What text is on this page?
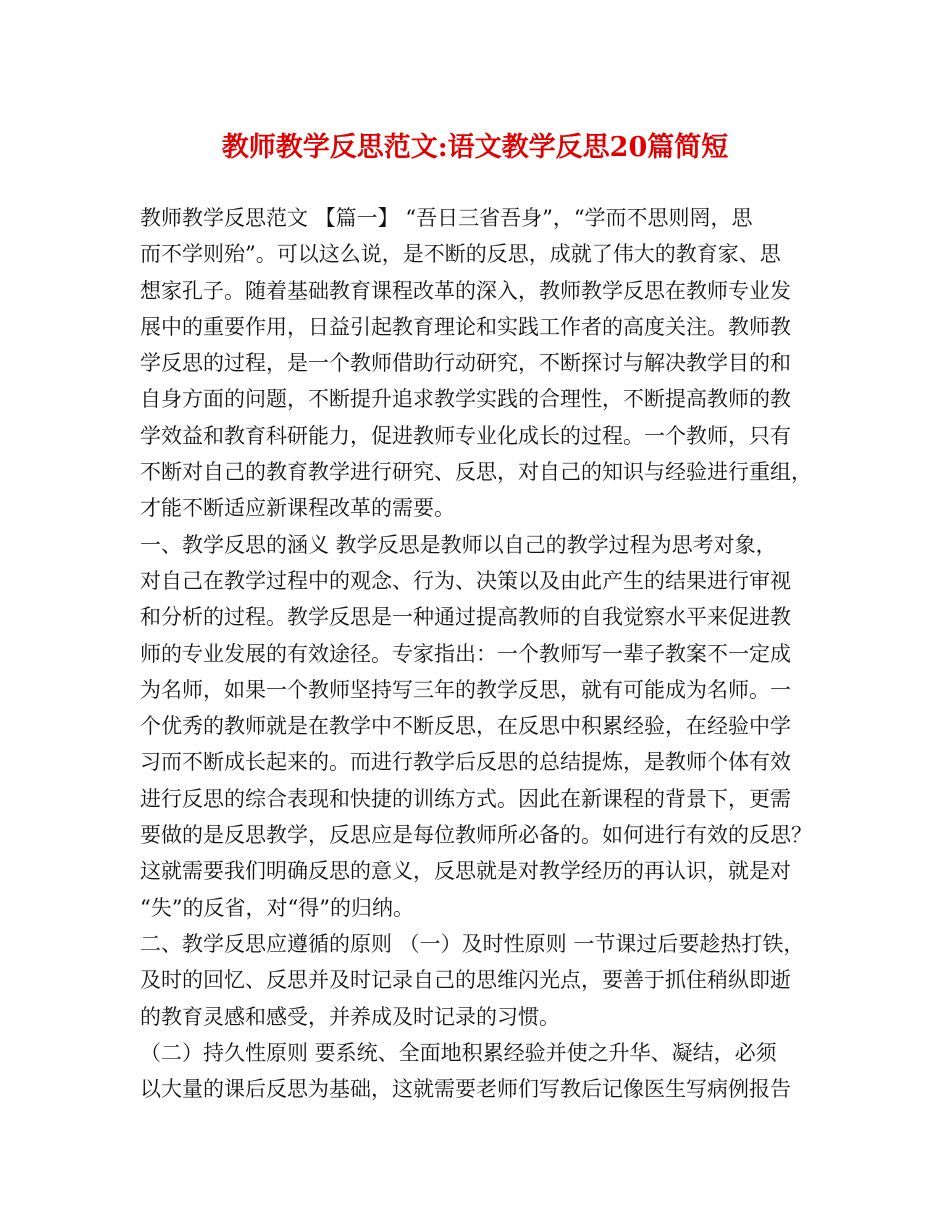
教师教学反思范文:语文教学反思20篇简短
教师教学反思范文 【篇一】 “吾日三省吾身”，“学而不思则罔，思
而不学则殆”。可以这么说，是不断的反思，成就了伟大的教育家、思
想家孔子。随着基础教育课程改革的深入，教师教学反思在教师专业发
展中的重要作用，日益引起教育理论和实践工作者的高度关注。教师教
学反思的过程，是一个教师借助行动研究，不断探讨与解决教学目的和
自身方面的问题，不断提升追求教学实践的合理性，不断提高教师的教
学效益和教育科研能力，促进教师专业化成长的过程。一个教师，只有
不断对自己的教育教学进行研究、反思，对自己的知识与经验进行重组，
才能不断适应新课程改革的需要。
一、教学反思的涵义 教学反思是教师以自己的教学过程为思考对象，
对自己在教学过程中的观念、行为、决策以及由此产生的结果进行审视
和分析的过程。教学反思是一种通过提高教师的自我觉察水平来促进教
师的专业发展的有效途径。专家指出：一个教师写一辈子教案不一定成
为名师，如果一个教师坚持写三年的教学反思，就有可能成为名师。一
个优秀的教师就是在教学中不断反思，在反思中积累经验，在经验中学
习而不断成长起来的。而进行教学后反思的总结提炼，是教师个体有效
进行反思的综合表现和快捷的训练方式。因此在新课程的背景下，更需
要做的是反思教学，反思应是每位教师所必备的。如何进行有效的反思？
这就需要我们明确反思的意义，反思就是对教学经历的再认识，就是对
“失”的反省，对“得”的归纳。
二、教学反思应遵循的原则 （一）及时性原则 一节课过后要趁热打铁，
及时的回忆、反思并及时记录自己的思维闪光点，要善于抓住稍纵即逝
的教育灵感和感受，并养成及时记录的习惯。
（二）持久性原则 要系统、全面地积累经验并使之升华、凝结，必须
以大量的课后反思为基础，这就需要老师们写教后记像医生写病例报告
